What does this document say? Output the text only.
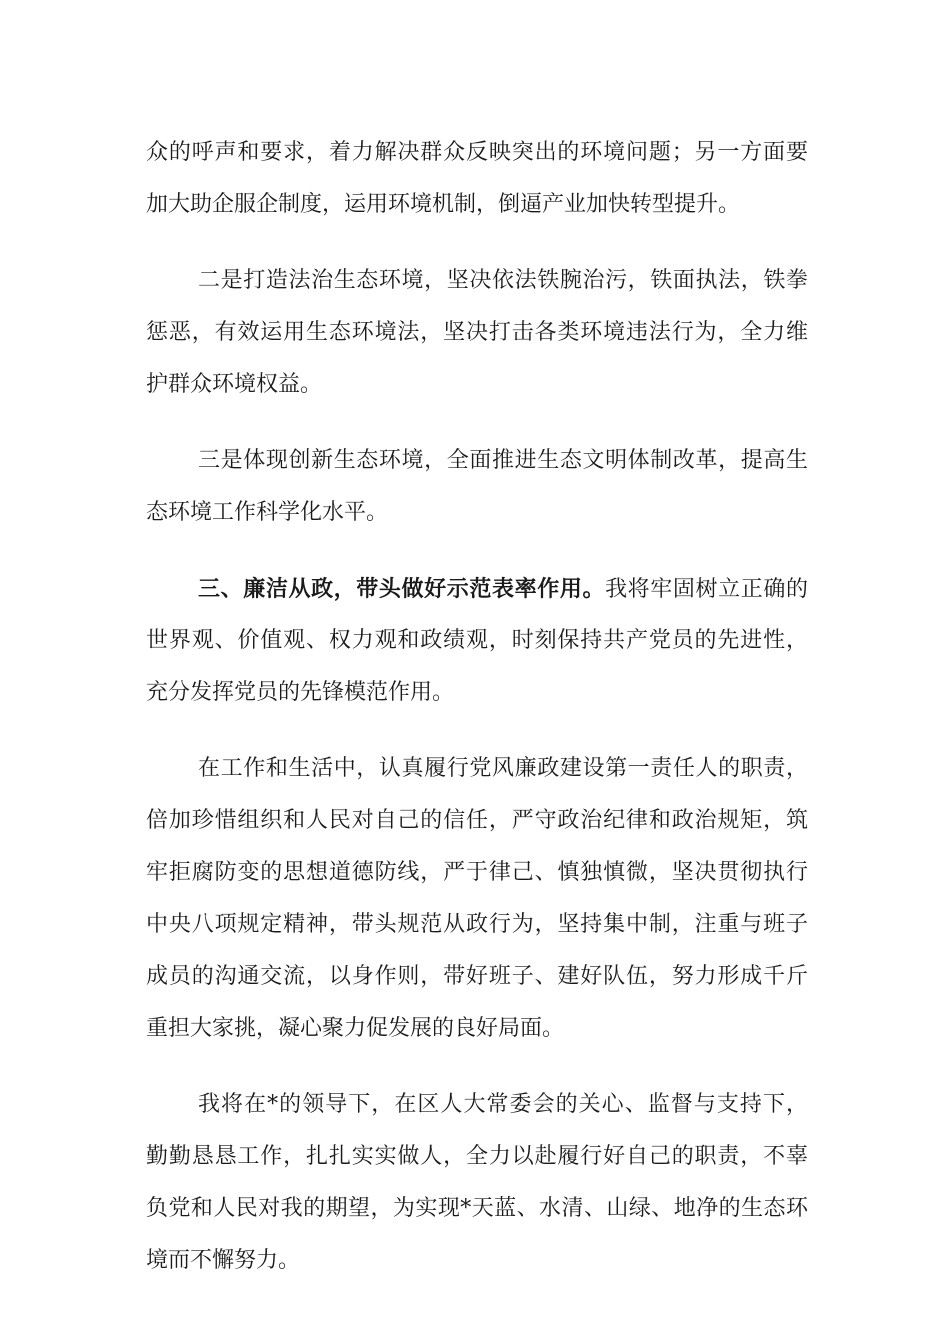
众的呼声和要求，着力解决群众反映突出的环境问题；另一方面要
加大助企服企制度，运用环境机制，倒逼产业加快转型提升。
二是打造法治生态环境，坚决依法铁腕治污，铁面执法，铁拳
惩恶，有效运用生态环境法，坚决打击各类环境违法行为，全力维
护群众环境权益。
三是体现创新生态环境，全面推进生态文明体制改革，提高生
态环境工作科学化水平。
三、廉洁从政，带头做好示范表率作用。我将牢固树立正确的
世界观、价值观、权力观和政绩观，时刻保持共产党员的先进性，
充分发挥党员的先锋模范作用。
在工作和生活中，认真履行党风廉政建设第一责任人的职责，
倍加珍惜组织和人民对自己的信任，严守政治纪律和政治规矩，筑
牢拒腐防变的思想道德防线，严于律己、慎独慎微，坚决贯彻执行
中央八项规定精神，带头规范从政行为，坚持集中制，注重与班子
成员的沟通交流，以身作则，带好班子、建好队伍，努力形成千斤
重担大家挑，凝心聚力促发展的良好局面。
我将在*的领导下，在区人大常委会的关心、监督与支持下，
勤勤恳恳工作，扎扎实实做人，全力以赴履行好自己的职责，不辜
负党和人民对我的期望，为实现*天蓝、水清、山绿、地净的生态环
境而不懈努力。
